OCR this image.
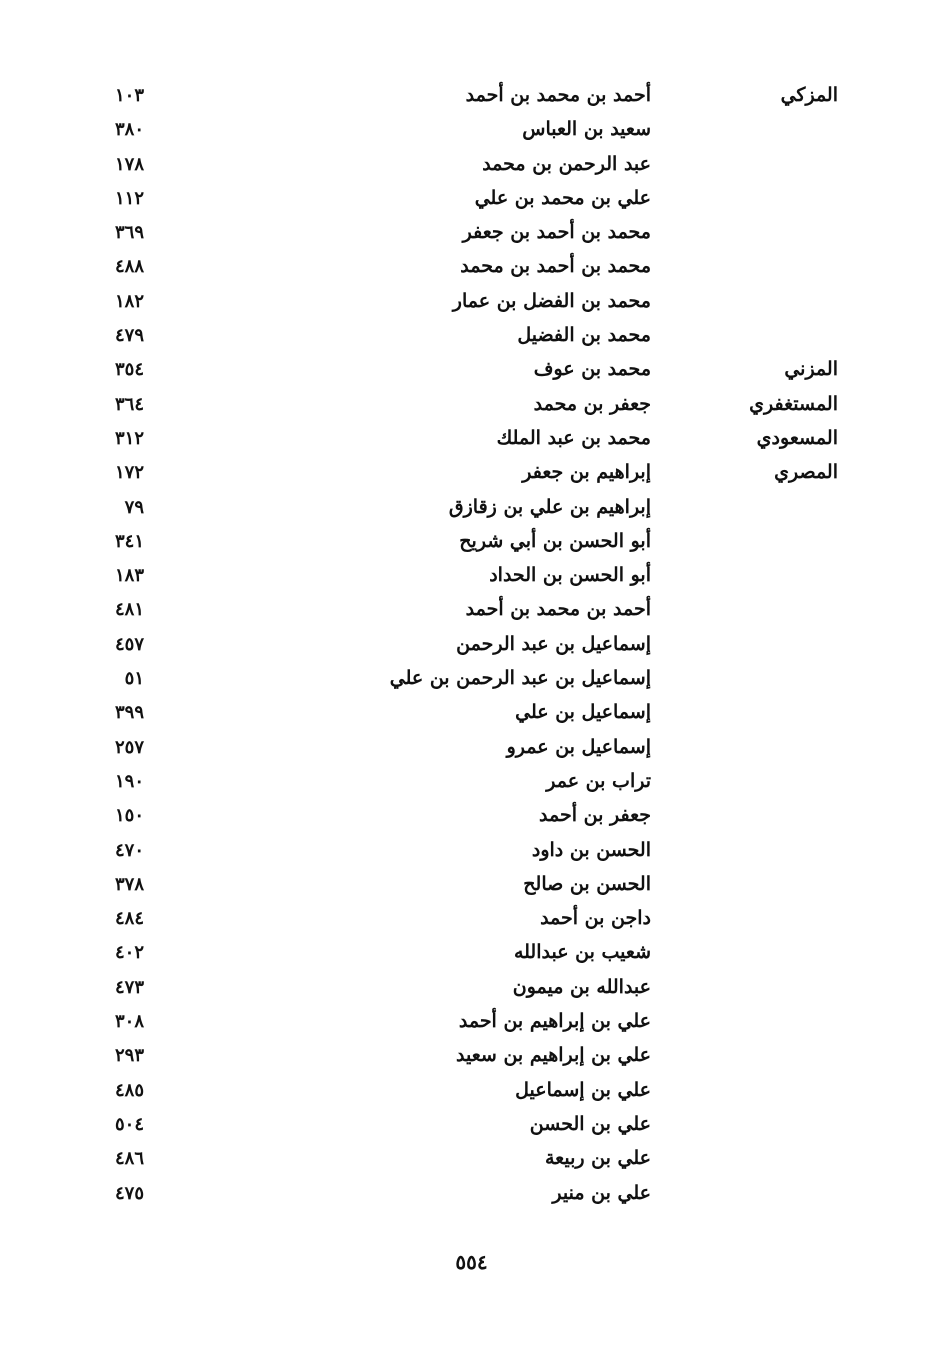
المزكي
أحمد بن محمد بن أحمد
١٠٣
سعيد بن العباس
٣٨٠
عبد الرحمن بن محمد
١٧٨
علي بن محمد بن علي
١١٢
محمد بن أحمد بن جعفر
٣٦٩
محمد بن أحمد بن محمد
٤٨٨
محمد بن الفضل بن عمار
١٨٢
محمد بن الفضيل
٤٧٩
المزني
محمد بن عوف
٣٥٤
المستغفري
جعفر بن محمد
٣٦٤
المسعودي
محمد بن عبد الملك
٣١٢
المصري
إبراهيم بن جعفر
١٧٢
إبراهيم بن علي بن زقازق
٧٩
أبو الحسن بن أبي شريح
٣٤١
أبو الحسن بن الحداد
١٨٣
أحمد بن محمد بن أحمد
٤٨١
إسماعيل بن عبد الرحمن
٤٥٧
إسماعيل بن عبد الرحمن بن علي
٥١
إسماعيل بن علي
٣٩٩
إسماعيل بن عمرو
٢٥٧
تراب بن عمر
١٩٠
جعفر بن أحمد
١٥٠
الحسن بن داود
٤٧٠
الحسن بن صالح
٣٧٨
داجن بن أحمد
٤٨٤
شعيب بن عبدالله
٤٠٢
عبدالله بن ميمون
٤٧٣
علي بن إبراهيم بن أحمد
٣٠٨
علي بن إبراهيم بن سعيد
٢٩٣
علي بن إسماعيل
٤٨٥
علي بن الحسن
٥٠٤
علي بن ربيعة
٤٨٦
علي بن منير
٤٧٥
٥٥٤
